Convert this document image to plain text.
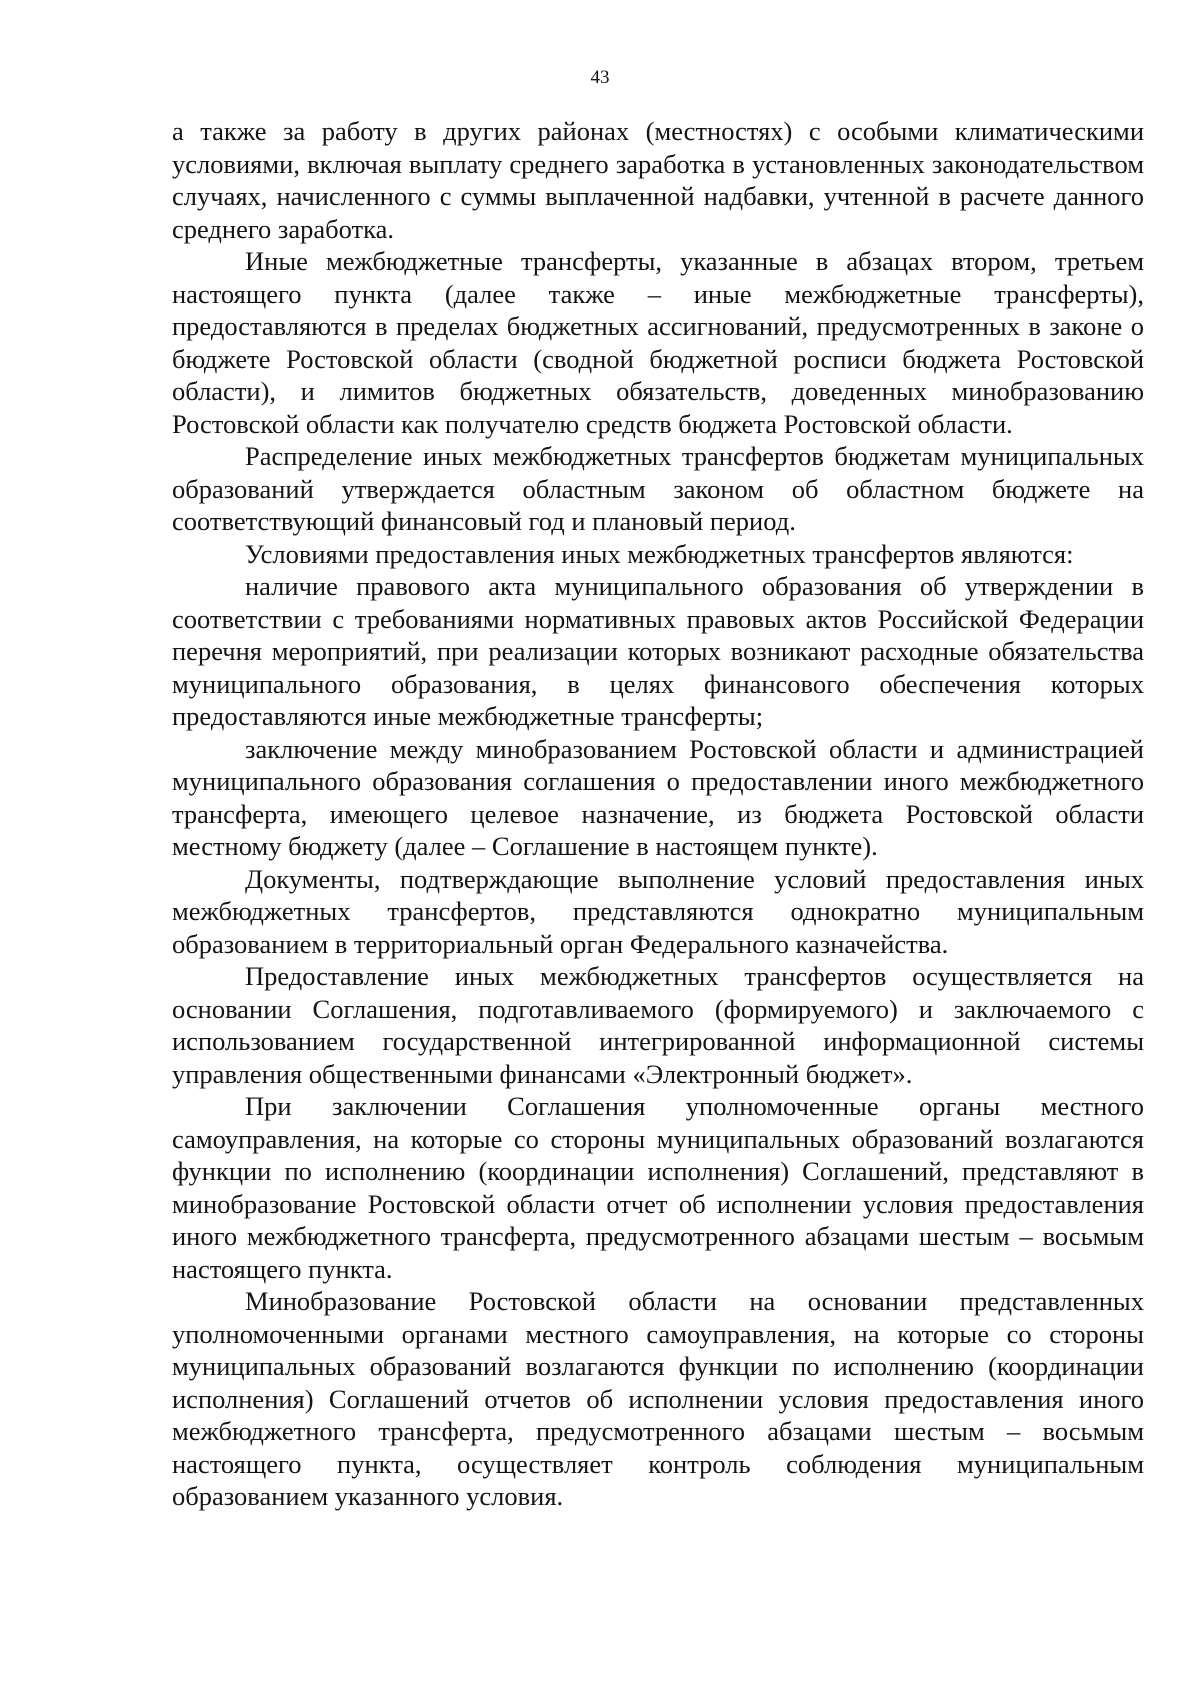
43

а также за работу в других районах (местностях) с особыми климатическими условиями, включая выплату среднего заработка в установленных законодательством случаях, начисленного с суммы выплаченной надбавки, учтенной в расчете данного среднего заработка.

Иные межбюджетные трансферты, указанные в абзацах втором, третьем настоящего пункта (далее также – иные межбюджетные трансферты), предоставляются в пределах бюджетных ассигнований, предусмотренных в законе о бюджете Ростовской области (сводной бюджетной росписи бюджета Ростовской области), и лимитов бюджетных обязательств, доведенных минобразованию Ростовской области как получателю средств бюджета Ростовской области.

Распределение иных межбюджетных трансфертов бюджетам муниципальных образований утверждается областным законом об областном бюджете на соответствующий финансовый год и плановый период.

Условиями предоставления иных межбюджетных трансфертов являются:

наличие правового акта муниципального образования об утверждении в соответствии с требованиями нормативных правовых актов Российской Федерации перечня мероприятий, при реализации которых возникают расходные обязательства муниципального образования, в целях финансового обеспечения которых предоставляются иные межбюджетные трансферты;

заключение между минобразованием Ростовской области и администрацией муниципального образования соглашения о предоставлении иного межбюджетного трансферта, имеющего целевое назначение, из бюджета Ростовской области местному бюджету (далее – Соглашение в настоящем пункте).

Документы, подтверждающие выполнение условий предоставления иных межбюджетных трансфертов, представляются однократно муниципальным образованием в территориальный орган Федерального казначейства.

Предоставление иных межбюджетных трансфертов осуществляется на основании Соглашения, подготавливаемого (формируемого) и заключаемого с использованием государственной интегрированной информационной системы управления общественными финансами «Электронный бюджет».

При заключении Соглашения уполномоченные органы местного самоуправления, на которые со стороны муниципальных образований возлагаются функции по исполнению (координации исполнения) Соглашений, представляют в минобразование Ростовской области отчет об исполнении условия предоставления иного межбюджетного трансферта, предусмотренного абзацами шестым – восьмым настоящего пункта.

Минобразование Ростовской области на основании представленных уполномоченными органами местного самоуправления, на которые со стороны муниципальных образований возлагаются функции по исполнению (координации исполнения) Соглашений отчетов об исполнении условия предоставления иного межбюджетного трансферта, предусмотренного абзацами шестым – восьмым настоящего пункта, осуществляет контроль соблюдения муниципальным образованием указанного условия.
